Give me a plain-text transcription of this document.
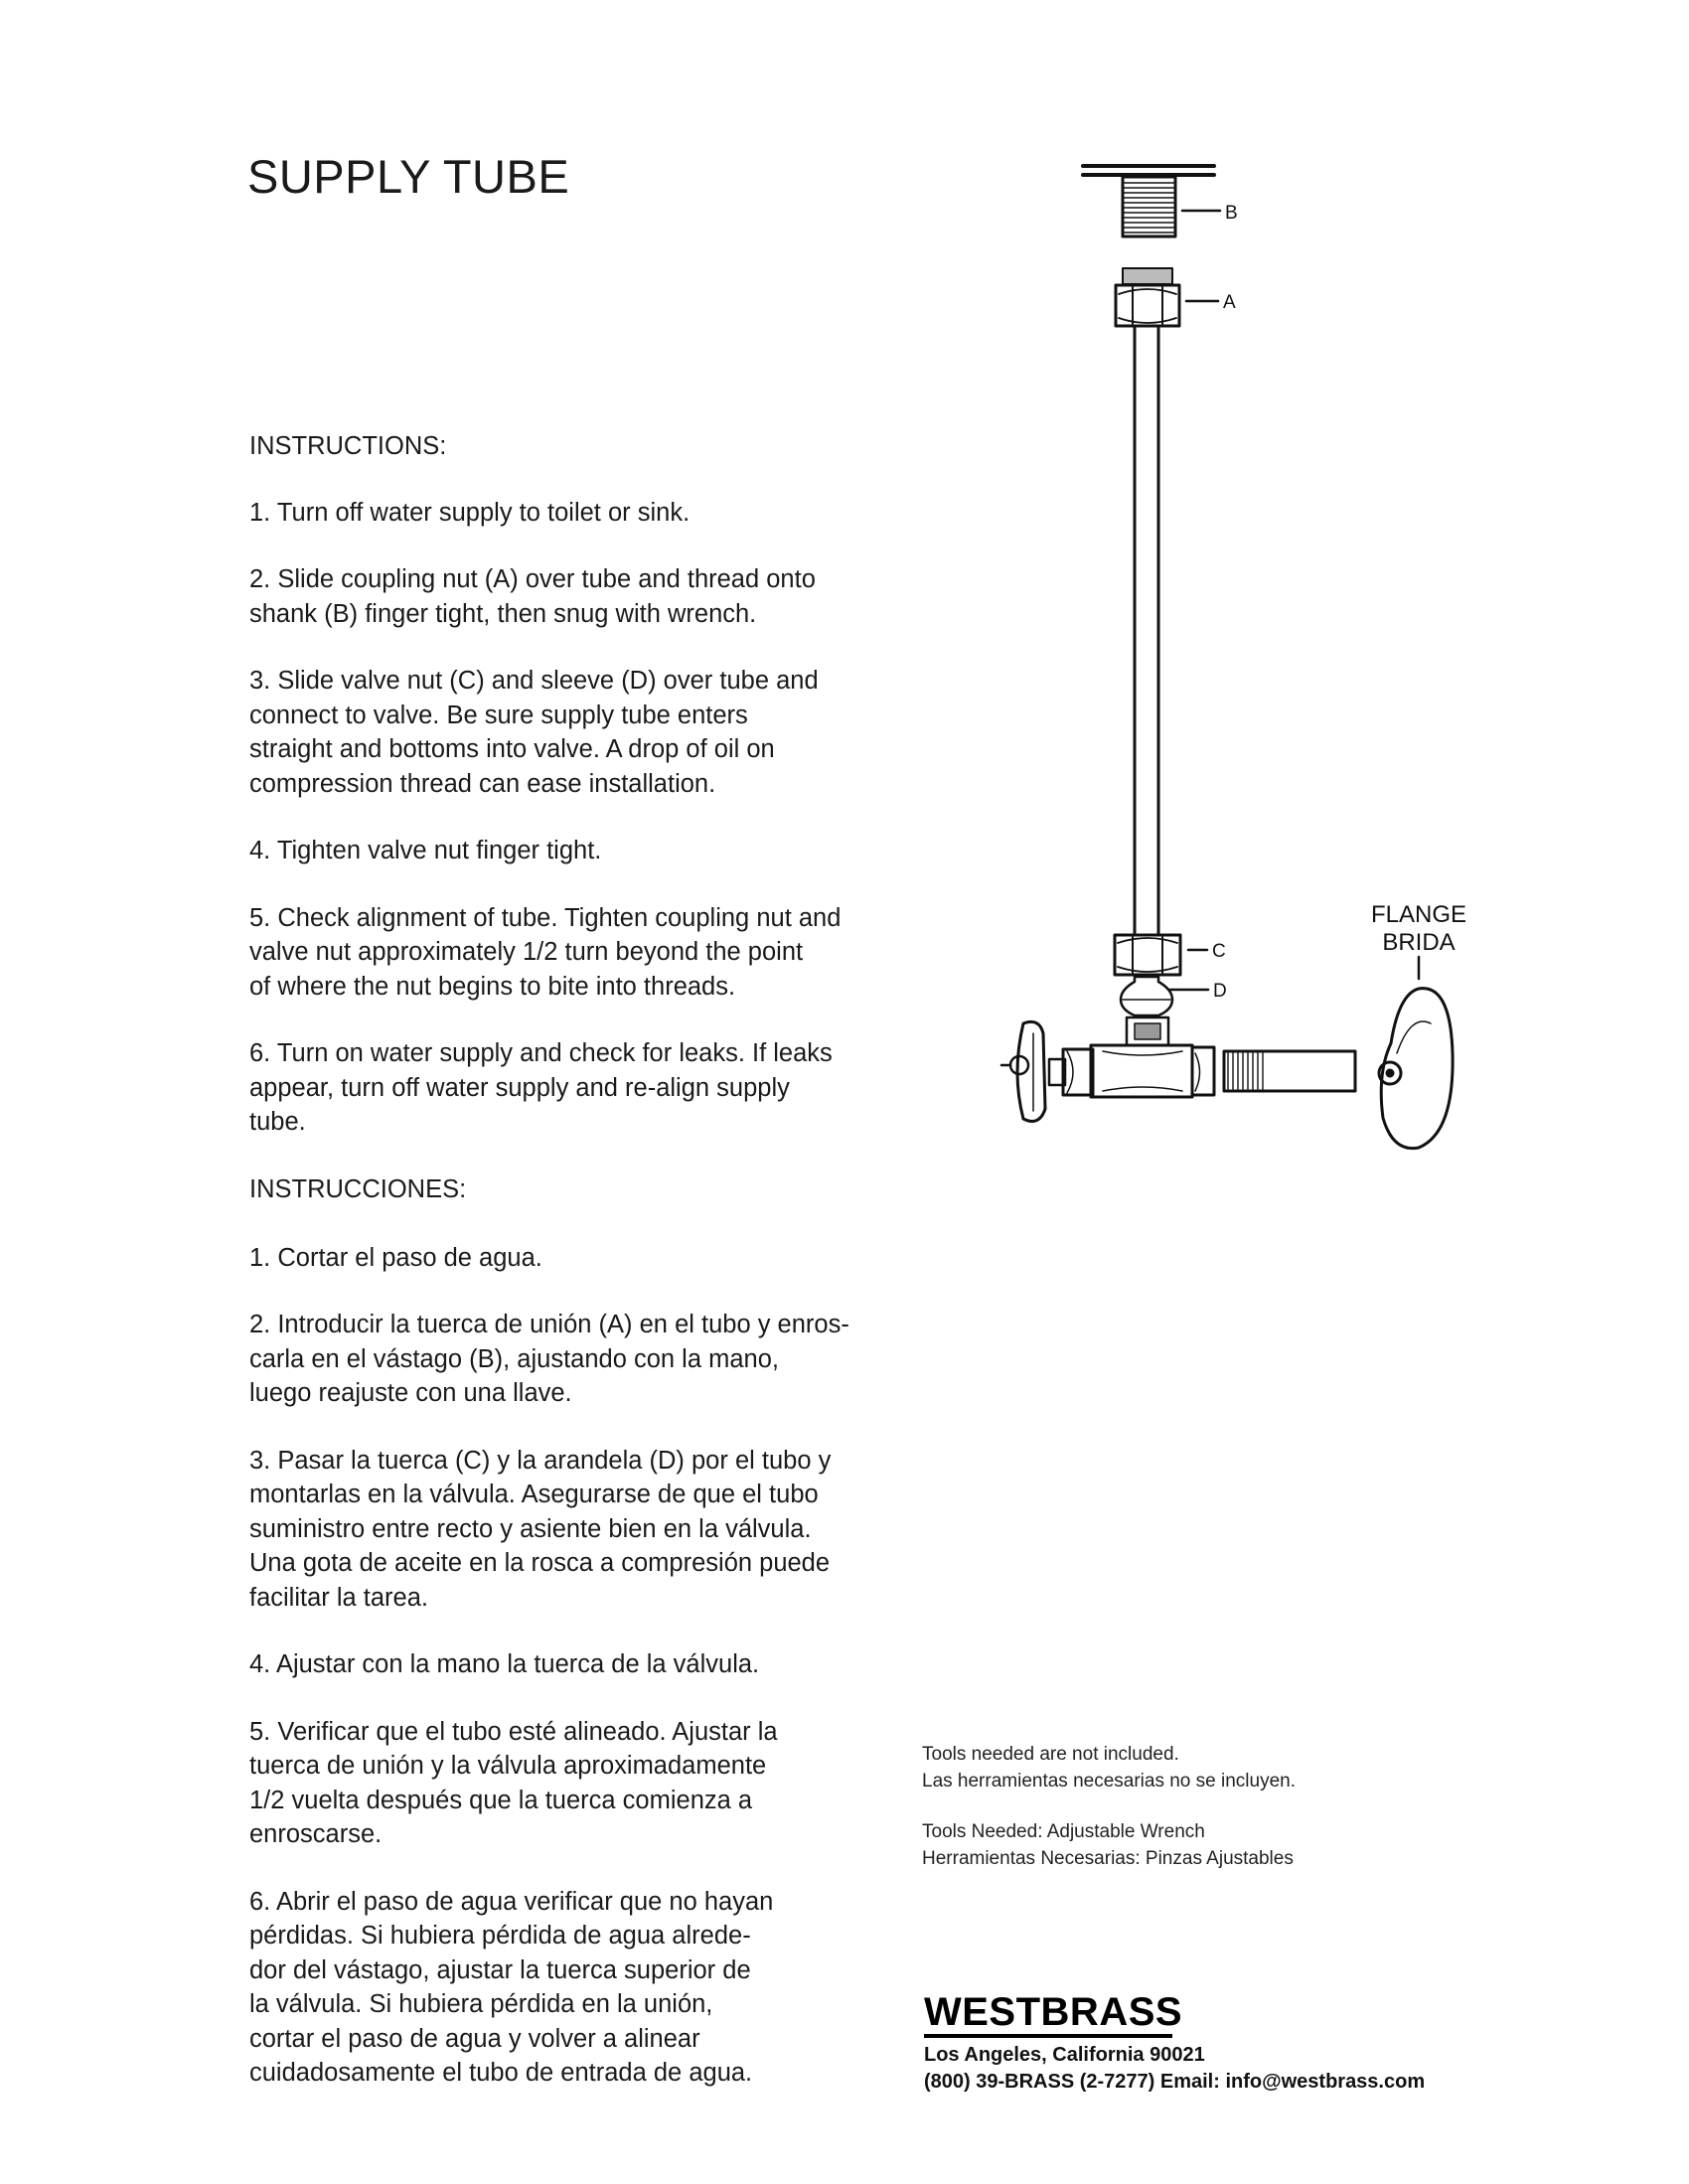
SUPPLY TUBE

INSTRUCTIONS:

1. Turn off water supply to toilet or sink.
2. Slide coupling nut (A) over tube and thread onto
shank (B) finger tight, then snug with wrench.
3. Slide valve nut (C) and sleeve (D) over tube and
connect to valve. Be sure supply tube enters
straight and bottoms into valve. A drop of oil on
compression thread can ease installation.
4. Tighten valve nut finger tight.
5. Check alignment of tube. Tighten coupling nut and
valve nut approximately 1/2 turn beyond the point
of where the nut begins to bite into threads.
6. Turn on water supply and check for leaks. If leaks
appear, turn off water supply and re-align supply
tube.

INSTRUCCIONES:

1. Cortar el paso de agua.
2. Introducir la tuerca de unión (A) en el tubo y enros-
carla en el vástago (B), ajustando con la mano,
luego reajuste con una llave.
3. Pasar la tuerca (C) y la arandela (D) por el tubo y
montarlas en la válvula. Asegurarse de que el tubo
suministro entre recto y asiente bien en la válvula.
Una gota de aceite en la rosca a compresión puede
facilitar la tarea.
4. Ajustar con la mano la tuerca de la válvula.
5. Verificar que el tubo esté alineado. Ajustar la
tuerca de unión y la válvula aproximadamente
1/2 vuelta después que la tuerca comienza a
enroscarse.
6. Abrir el paso de agua verificar que no hayan
pérdidas. Si hubiera pérdida de agua alrede-
dor del vástago, ajustar la tuerca superior de
la válvula. Si hubiera pérdida en la unión,
cortar el paso de agua y volver a alinear
cuidadosamente el tubo de entrada de agua.
B
A
C
D
FLANGE
BRIDA

Tools needed are not included.

Las herramientas necesarias no se incluyen.

Tools Needed: Adjustable Wrench

Herramientas Necesarias: Pinzas Ajustables

WESTBRASS

Los Angeles, California 90021

(800) 39-BRASS (2-7277) Email: info@westbrass.com
